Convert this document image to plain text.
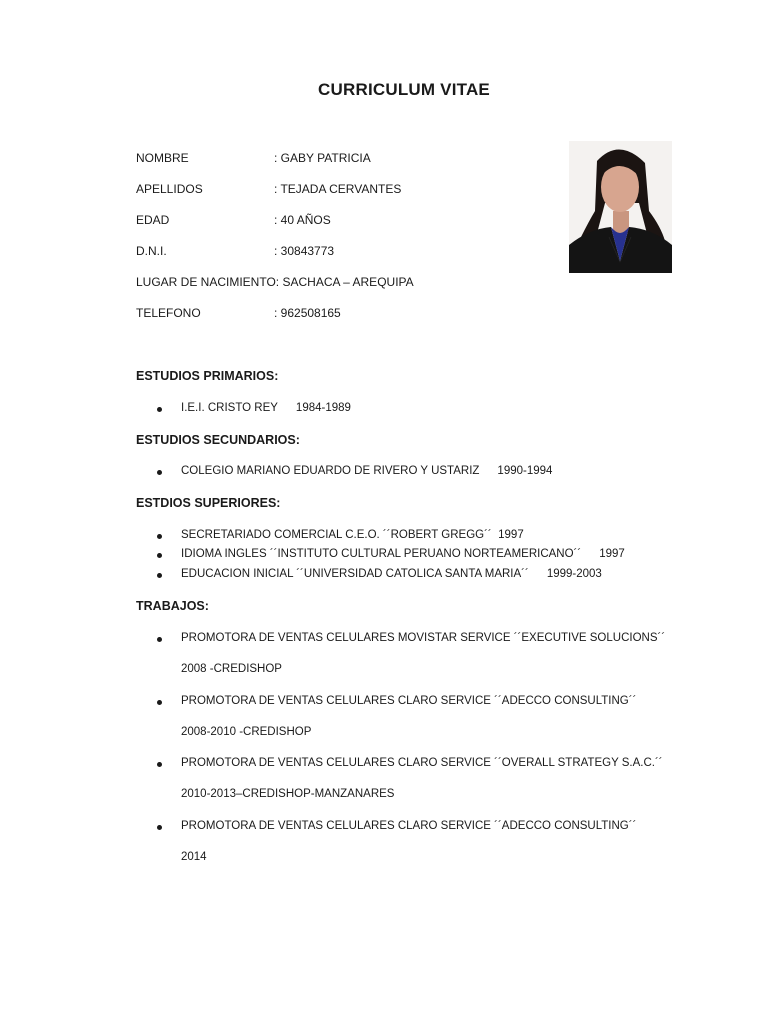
CURRICULUM VITAE
NOMBRE	: GABY PATRICIA
APELLIDOS	: TEJADA CERVANTES
EDAD	: 40 AÑOS
D.N.I.	: 30843773
LUGAR DE NACIMIENTO: SACHACA – AREQUIPA
TELEFONO	: 962508165
ESTUDIOS PRIMARIOS:
I.E.I. CRISTO REY 1984-1989
ESTUDIOS SECUNDARIOS:
COLEGIO MARIANO EDUARDO DE RIVERO Y USTARIZ 1990-1994
ESTDIOS SUPERIORES:
SECRETARIADO COMERCIAL C.E.O. ´´ROBERT GREGG´´ 1997
IDIOMA INGLES ´´INSTITUTO CULTURAL PERUANO NORTEAMERICANO´´ 1997
EDUCACION INICIAL ´´UNIVERSIDAD CATOLICA SANTA MARIA´´ 1999-2003
TRABAJOS:
PROMOTORA DE VENTAS CELULARES MOVISTAR SERVICE ´´EXECUTIVE SOLUCIONS´´
2008 -CREDISHOP
PROMOTORA DE VENTAS CELULARES CLARO SERVICE ´´ADECCO CONSULTING´´
2008-2010 -CREDISHOP
PROMOTORA DE VENTAS CELULARES CLARO SERVICE ´´OVERALL STRATEGY S.A.C.´´
2010-2013–CREDISHOP-MANZANARES
PROMOTORA DE VENTAS CELULARES CLARO SERVICE ´´ADECCO CONSULTING´´
2014
